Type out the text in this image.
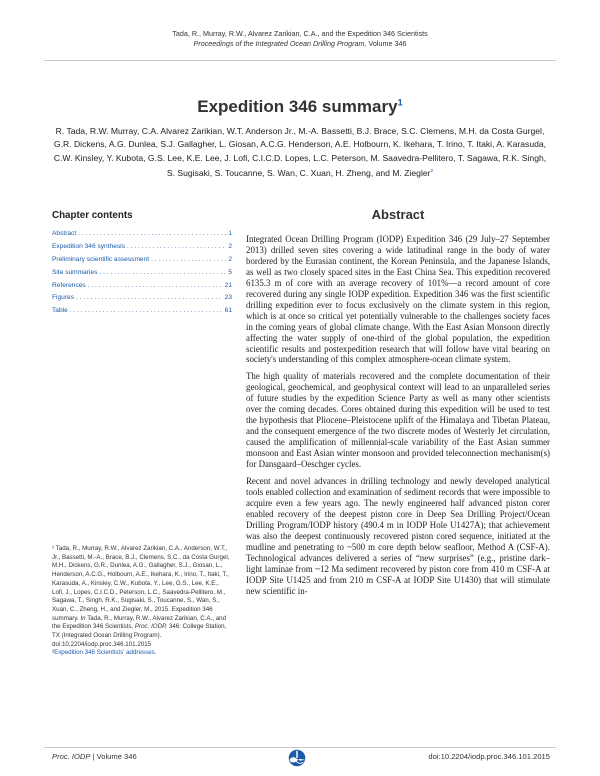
Tada, R., Murray, R.W., Alvarez Zarikian, C.A., and the Expedition 346 Scientists
Proceedings of the Integrated Ocean Drilling Program, Volume 346
Expedition 346 summary$^1$
R. Tada, R.W. Murray, C.A. Alvarez Zarikian, W.T. Anderson Jr., M.-A. Bassetti, B.J. Brace, S.C. Clemens, M.H. da Costa Gurgel, G.R. Dickens, A.G. Dunlea, S.J. Gallagher, L. Giosan, A.C.G. Henderson, A.E. Holbourn, K. Ikehara, T. Irino, T. Itaki, A. Karasuda, C.W. Kinsley, Y. Kubota, G.S. Lee, K.E. Lee, J. Lofi, C.I.C.D. Lopes, L.C. Peterson, M. Saavedra-Pellitero, T. Sagawa, R.K. Singh, S. Sugisaki, S. Toucanne, S. Wan, C. Xuan, H. Zheng, and M. Ziegler$^2$
Chapter contents
Abstract . . .	1
Expedition 346 synthesis . . .	2
Preliminary scientific assessment . . .	2
Site summaries . . .	5
References . . .	21
Figures . . .	23
Table . . .	61
¹ Tada, R., Murray, R.W., Alvarez Zarikian, C.A., Anderson, W.T., Jr., Bassetti, M.-A., Brace, B.J., Clemens, S.C., da Costa Gurgel, M.H., Dickens, G.R., Dunlea, A.G., Gallagher, S.J., Giosan, L., Henderson, A.C.G., Holbourn, A.E., Ikehara, K., Irino, T., Itaki, T., Karasuda, A., Kinsley, C.W., Kubota, Y., Lee, G.S., Lee, K.E., Lofi, J., Lopes, C.I.C.D., Peterson, L.C., Saavedra-Pellitero, M., Sagawa, T., Singh, R.K., Sugisaki, S., Toucanne, S., Wan, S., Xuan, C., Zheng, H., and Ziegler, M., 2015. Expedition 346 summary. In Tada, R., Murray, R.W., Alvarez Zarikian, C.A., and the Expedition 346 Scientists, Proc. IODP, 346: College Station, TX (Integrated Ocean Drilling Program). doi:10.2204/iodp.proc.346.101.2015
²Expedition 346 Scientists' addresses.
Abstract

Integrated Ocean Drilling Program (IODP) Expedition 346 (29 July–27 September 2013) drilled seven sites covering a wide latitudinal range in the body of water bordered by the Eurasian continent, the Korean Peninsula, and the Japanese Islands, as well as two closely spaced sites in the East China Sea. This expedition recovered 6135.3 m of core with an average recovery of 101%—a record amount of core recovered during any single IODP expedition. Expedition 346 was the first scientific drilling expedition ever to focus exclusively on the climate system in this region, which is at once so critical yet potentially vulnerable to the challenges society faces in the coming years of global climate change. With the East Asian Monsoon directly affecting the water supply of one-third of the global population, the expedition scientific results and postexpedition research that will follow have vital bearing on society's understanding of this complex atmosphere-ocean climate system.

The high quality of materials recovered and the complete documentation of their geological, geochemical, and geophysical context will lead to an unparalleled series of future studies by the expedition Science Party as well as many other scientists over the coming decades. Cores obtained during this expedition will be used to test the hypothesis that Pliocene–Pleistocene uplift of the Himalaya and Tibetan Plateau, and the consequent emergence of the two discrete modes of Westerly Jet circulation, caused the amplification of millennial-scale variability of the East Asian summer monsoon and East Asian winter monsoon and provided teleconnection mechanism(s) for Dansgaard–Oeschger cycles.

Recent and novel advances in drilling technology and newly developed analytical tools enabled collection and examination of sediment records that were impossible to acquire even a few years ago. The newly engineered half advanced piston corer enabled recovery of the deepest piston core in Deep Sea Drilling Project/Ocean Drilling Program/IODP history (490.4 m in IODP Hole U1427A); that achievement was also the deepest continuously recovered piston cored sequence, initiated at the mudline and penetrating to ~500 m core depth below seafloor, Method A (CSF-A). Technological advances delivered a series of “new surprises” (e.g., pristine dark–light laminae from ~12 Ma sediment recovered by piston core from 410 m CSF-A at IODP Site U1425 and from 210 m CSF-A at IODP Site U1430) that will stimulate new scientific in-

Proc. IODP | Volume 346	doi:10.2204/iodp.proc.346.101.2015
